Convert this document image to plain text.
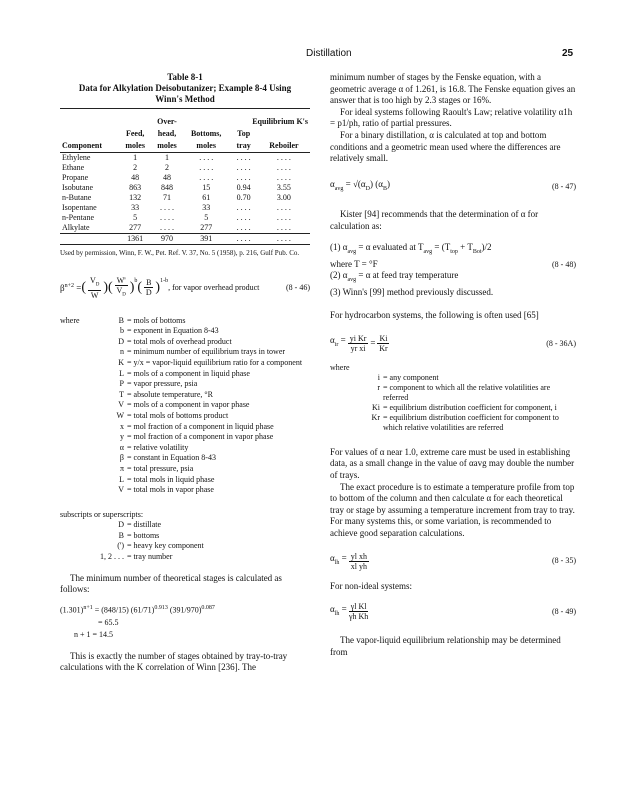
Distillation	25
Table 8-1
Data for Alkylation Deisobutanizer; Example 8-4 Using
Winn's Method
		Over-		Equilibrium K's	
	Feed,	head,	Bottoms,	Top	
Component	moles	moles	moles	tray	Reboiler
Ethylene	1	1	. . . .	. . . .	. . . .
Ethane	2	2	. . . .	. . . .	. . . .
Propane	48	48	. . . .	. . . .	. . . .
Isobutane	863	848	15	0.94	3.55
n-Butane	132	71	61	0.70	3.00
Isopentane	33	. . . .	33	. . . .	. . . .
n-Pentane	5	. . . .	5	. . . .	. . . .
Alkylate	277	. . . .	277	. . . .	. . . .
	1361	970	391	. . . .	. . . .
Used by permission, Winn, F. W., Pet. Ref. V. 37, No. 5 (1958), p. 216, Gulf Pub. Co.
$\beta^{n+2}$ = ( $\frac{V_D}{W}$ )( $\frac{W'}{V_D} )^b$ ( $\frac{B}{D} )^{1-b}$
, for vapor overhead product	(8 - 46)
where	B = mols of bottoms
b = exponent in Equation 8-43
D = total mols of overhead product
n = minimum number of equilibrium trays in tower
K = y/x = vapor-liquid equilibrium ratio for a component
L = mols of a component in liquid phase
P = vapor pressure, psia
T = absolute temperature, °R
V = mols of a component in vapor phase
W = total mols of bottoms product
x = mol fraction of a component in liquid phase
y = mol fraction of a component in vapor phase
α = relative volatility
β = constant in Equation 8-43
π = total pressure, psia
L = total mols in liquid phase
V = total mols in vapor phase
subscripts or superscripts:
D = distillate
B = bottoms
(') = heavy key component
1, 2 . . . = tray number

The minimum number of theoretical stages is calculated as follows:

$(1.301)^{n+1} = (848/15)$ $(61/71)^{0.913}$ $(391/970)^{0.087}$
= 65.5
n + 1 = 14.5

This is exactly the number of stages obtained by tray-to-tray calculations with the K correlation of Winn [236]. The

minimum number of stages by the Fenske equation, with a geometric average α of 1.261, is 16.8. The Fenske equation gives an answer that is too high by 2.3 stages or 16%.

For ideal systems following Raoult's Law; relative volatility α1h = p1/ph, ratio of partial pressures.

For a binary distillation, α is calculated at top and bottom conditions and a geometric mean used where the differences are relatively small.

$\alpha_{avg} = √(\alpha_D)$ $(\alpha_B)$	(8 - 47)

Kister [94] recommends that the determination of α for calculation as:

(1) $\alpha_{avg} = \alpha$ evaluated at $T_{avg} = (T_{top} + T_{Bot})/2$
where T = °F	(8 - 48)
(2) $\alpha_{avg} = \alpha$ at feed tray temperature
(3) Winn's [99] method previously discussed.

For hydrocarbon systems, the following is often used [65]

$\alpha_{ir} = \frac{\text{yi Kr}}{\text{yr xi}} = \frac{Ki}{Kr}$	(8 - 36A)
where
i = any component
r = component to which all the relative volatilities are referred
Ki = equilibrium distribution coefficient for component, i
Kr = equilibrium distribution coefficient for component to which relative volatilities are referred

For values of α near 1.0, extreme care must be used in establishing data, as a small change in the value of αavg may double the number of trays.

The exact procedure is to estimate a temperature profile from top to bottom of the column and then calculate α for each theoretical tray or stage by assuming a temperature increment from tray to tray. For many systems this, or some variation, is recommended to achieve good separation calculations.

$\alpha_{lh} = \frac{\text{yl xh}}{\text{xl yh}}$	(8 - 35)

For non-ideal systems:

$\alpha_{lh} = \frac{\text{γl Kl}}{\text{γh Kh}}$	(8 - 49)

The vapor-liquid equilibrium relationship may be determined from
